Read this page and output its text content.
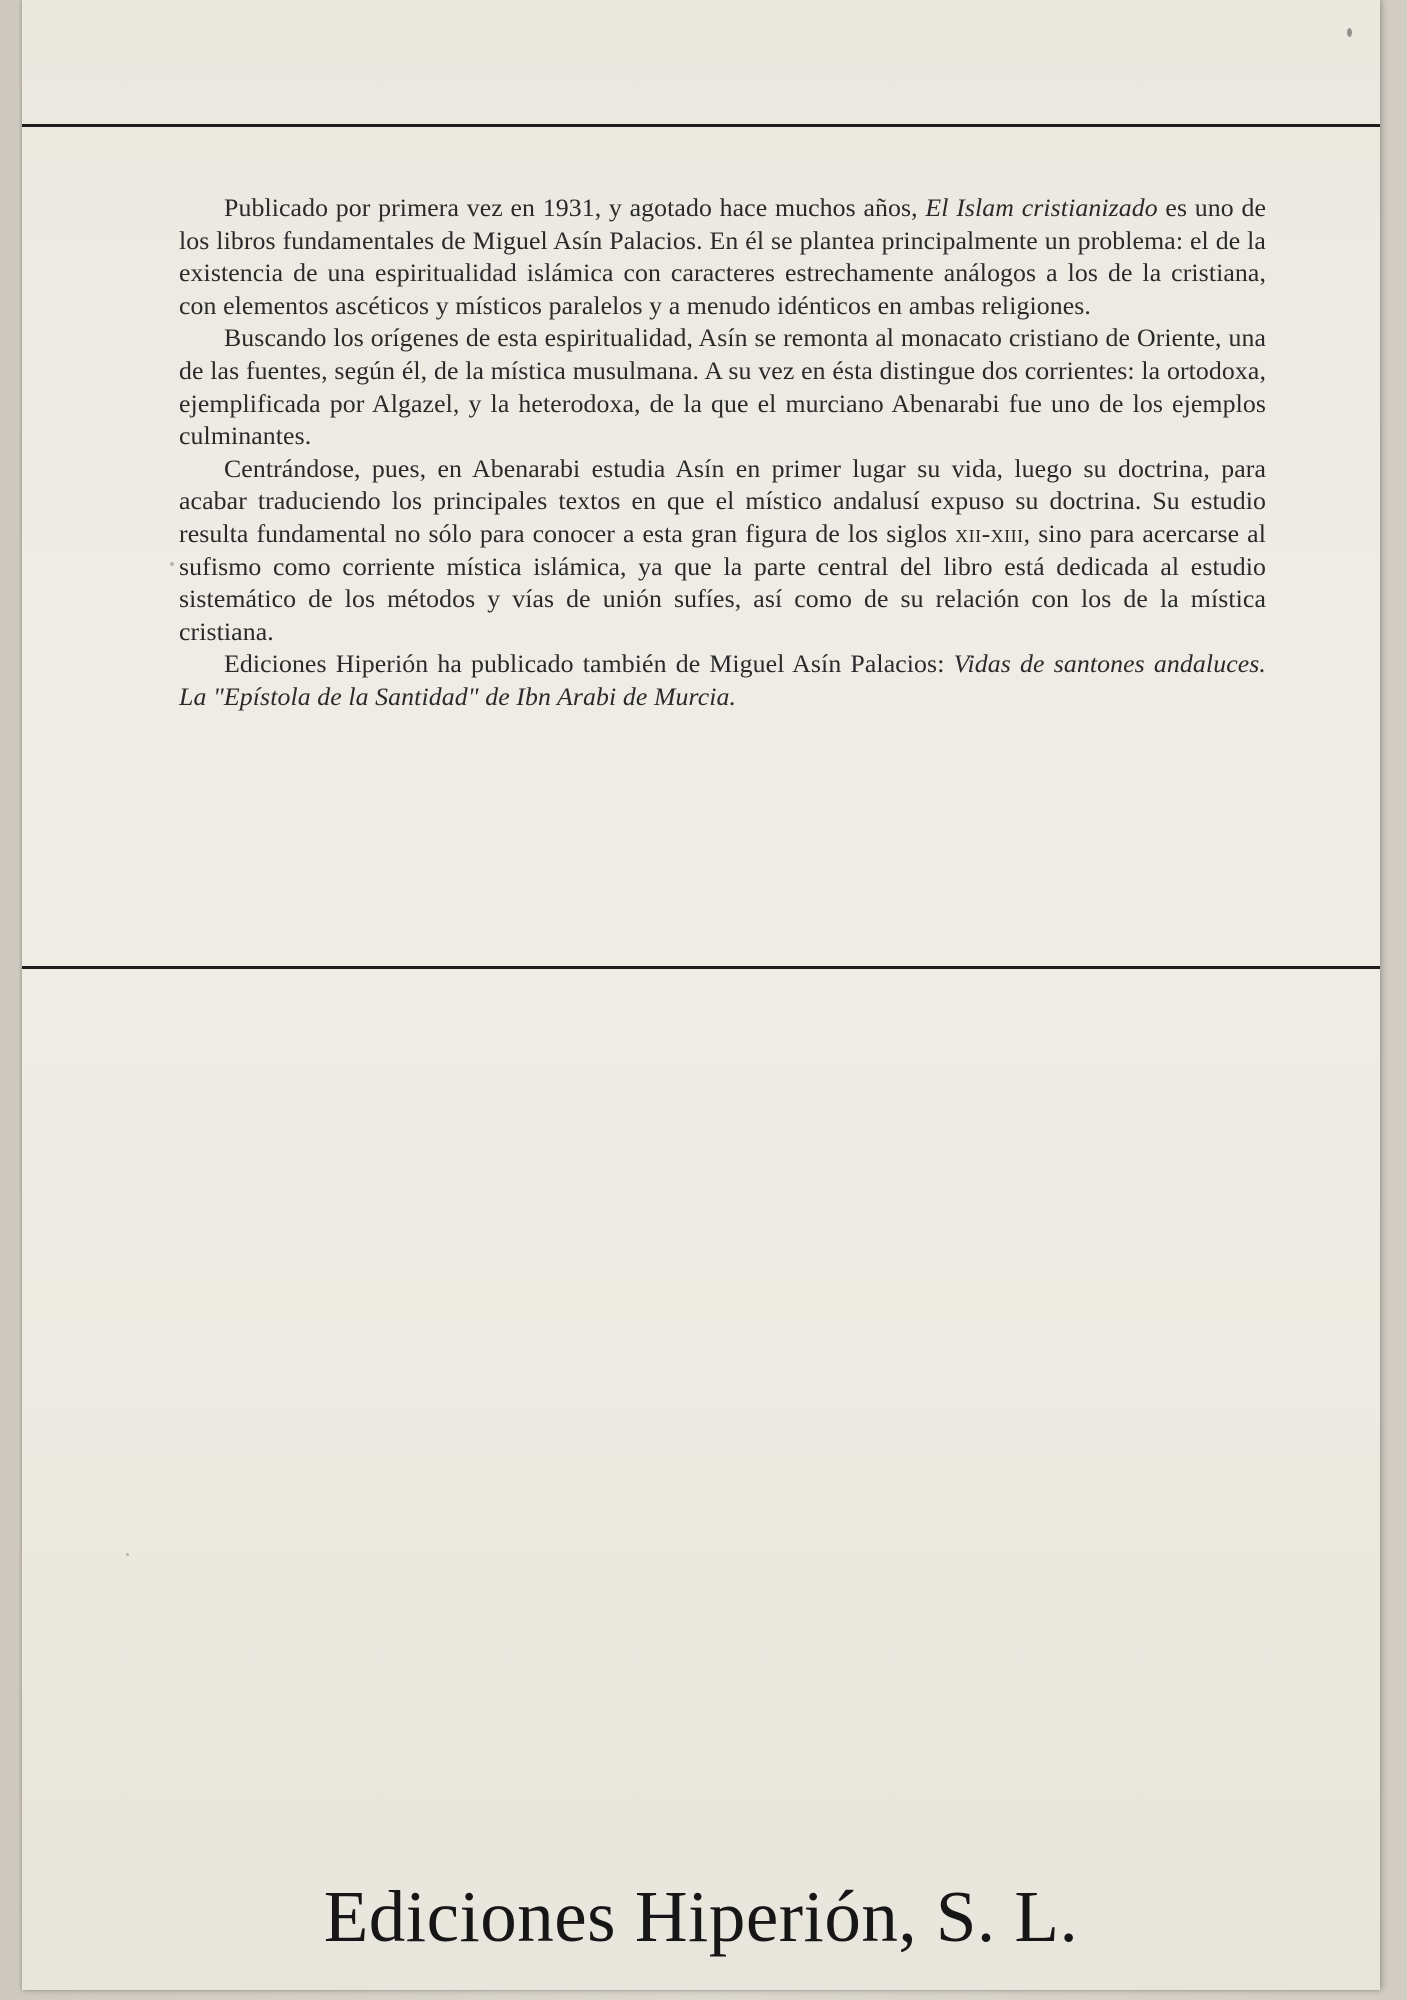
Publicado por primera vez en 1931, y agotado hace muchos años, El Islam cristianizado es uno de los libros fundamentales de Miguel Asín Palacios. En él se plantea principalmente un problema: el de la existencia de una espiritualidad islámica con caracteres estrechamente análogos a los de la cristiana, con elementos ascéticos y místicos paralelos y a menudo idénticos en ambas religiones.

Buscando los orígenes de esta espiritualidad, Asín se remonta al monacato cristiano de Oriente, una de las fuentes, según él, de la mística musulmana. A su vez en ésta distingue dos corrientes: la ortodoxa, ejemplificada por Algazel, y la heterodoxa, de la que el murciano Abenarabi fue uno de los ejemplos culminantes.

Centrándose, pues, en Abenarabi estudia Asín en primer lugar su vida, luego su doctrina, para acabar traduciendo los principales textos en que el místico andalusí expuso su doctrina. Su estudio resulta fundamental no sólo para conocer a esta gran figura de los siglos xii-xiii, sino para acercarse al sufismo como corriente mística islámica, ya que la parte central del libro está dedicada al estudio sistemático de los métodos y vías de unión sufíes, así como de su relación con los de la mística cristiana.

Ediciones Hiperión ha publicado también de Miguel Asín Palacios: Vidas de santones andaluces. La "Epístola de la Santidad" de Ibn Arabi de Murcia.

Ediciones Hiperión, S. L.
